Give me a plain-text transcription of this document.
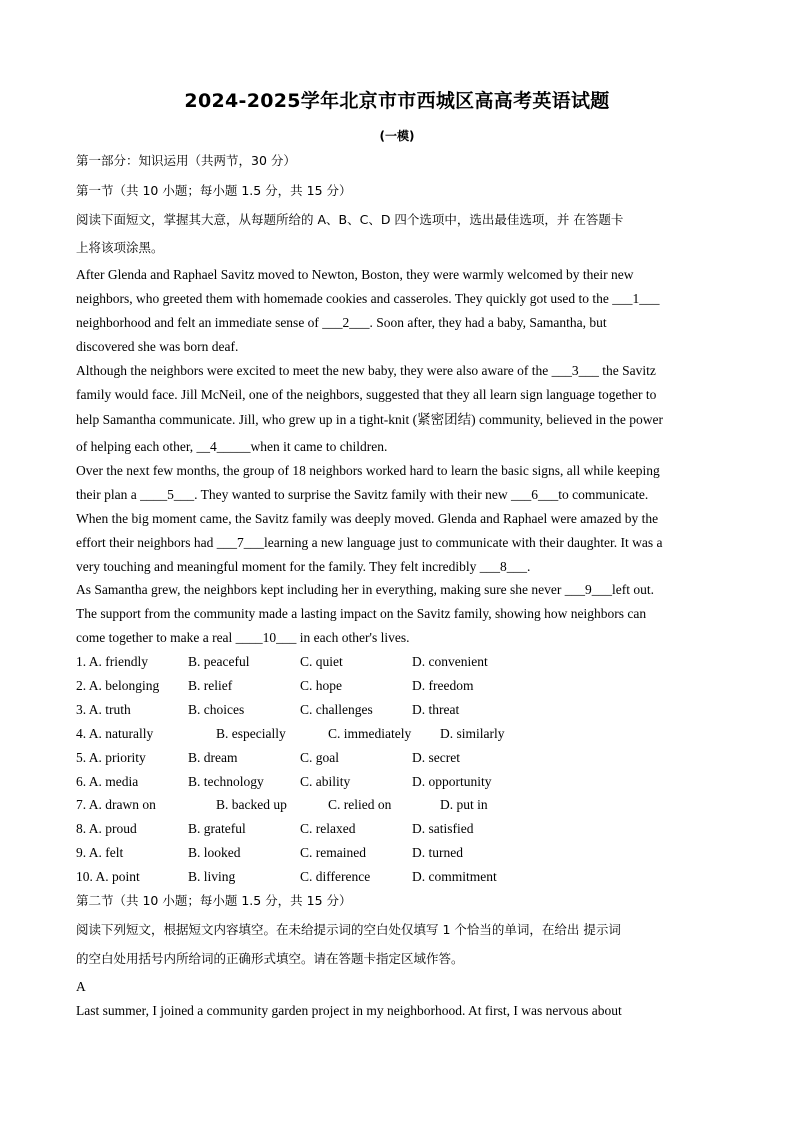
2024-2025学年北京市市西城区高高考英语试题
(一模)
第一部分：知识运用（共两节，30 分）
第一节（共 10 小题；每小题 1.5 分，共 15 分）
阅读下面短文，掌握其大意，从每题所给的 A、B、C、D 四个选项中，选出最佳选项，并 在答题卡
上将该项涂黑。
After Glenda and Raphael Savitz moved to Newton, Boston, they were warmly welcomed by their new
neighbors, who greeted them with homemade cookies and casseroles. They quickly got used to the ___1___
neighborhood and felt an immediate sense of ___2___. Soon after, they had a baby, Samantha, but
discovered she was born deaf.
Although the neighbors were excited to meet the new baby, they were also aware of the ___3___ the Savitz
family would face. Jill McNeil, one of the neighbors, suggested that they all learn sign language together to
help Samantha communicate. Jill, who grew up in a tight-knit (紧密团结) community, believed in the power
of helping each other, __4_____when it came to children.
Over the next few months, the group of 18 neighbors worked hard to learn the basic signs, all while keeping
their plan a ____5___. They wanted to surprise the Savitz family with their new ___6___to communicate.
When the big moment came, the Savitz family was deeply moved. Glenda and Raphael were amazed by the
effort their neighbors had ___7___learning a new language just to communicate with their daughter. It was a
very touching and meaningful moment for the family. They felt incredibly ___8___.
As Samantha grew, the neighbors kept including her in everything, making sure she never ___9___left out.
The support from the community made a lasting impact on the Savitz family, showing how neighbors can
come together to make a real ____10___ in each other's lives.
1. A. friendly	B. peaceful	C. quiet	D. convenient
2. A. belonging B. relief	C. hope	D. freedom
3. A. truth	B. choices	C. challenges	D. threat
4. A. naturally	B. especially	C. immediately D. similarly
5. A. priority	B. dream	C. goal	D. secret
6. A. media	B. technology	C. ability	D. opportunity
7. A. drawn on	B. backed up	C. relied on	D. put in
8. A. proud	B. grateful	C. relaxed	D. satisfied
9. A. felt	B. looked	C. remained	D. turned
10. A. point	B. living	C. difference	D. commitment
第二节（共 10 小题；每小题 1.5 分，共 15 分）
阅读下列短文，根据短文内容填空。在未给提示词的空白处仅填写 1 个恰当的单词，在给出 提示词
的空白处用括号内所给词的正确形式填空。请在答题卡指定区域作答。
A
Last summer, I joined a community garden project in my neighborhood. At first, I was nervous about
